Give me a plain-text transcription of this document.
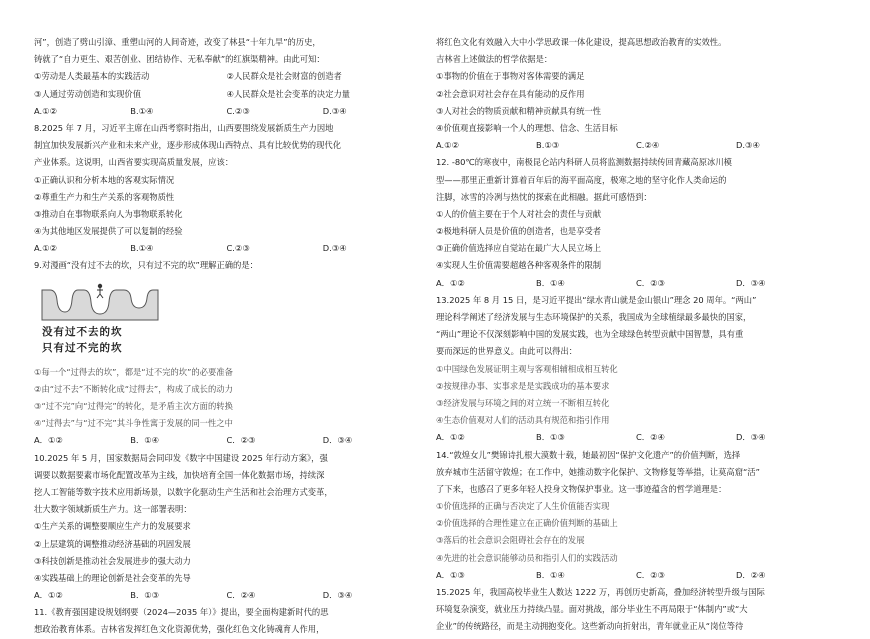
河”，创造了劈山引漳、重塑山河的人间奇迹，改变了林县“十年九旱”的历史，
铸就了“自力更生、艰苦创业、团结协作、无私奉献”的红旗渠精神。由此可知：
①劳动是人类最基本的实践活动	②人民群众是社会财富的创造者
③人通过劳动创造和实现价值	④人民群众是社会变革的决定力量
A.①②	B.①④	C.②③	D.③④
8.2025 年 7 月，习近平主席在山西考察时指出，山西要围绕发展新质生产力因地
制宜加快发展新兴产业和未来产业，逐步形成体现山西特点、具有比较优势的现代化
产业体系。这说明，山西省要实现高质量发展，应该：
①正确认识和分析本地的客观实际情况
②尊重生产力和生产关系的客观物质性
③推动自在事物联系向人为事物联系转化
④为其他地区发展提供了可以复制的经验
A.①②	B.①④	C.②③	D.③④
9.对漫画“没有过不去的坎，只有过不完的坎”理解正确的是：
没有过不去的坎
只有过不完的坎
①每一个“过得去的坎”，都是“过不完的坎”的必要准备
②由“过不去”不断转化成“过得去”，构成了成长的动力
③“过不完”向“过得完”的转化，是矛盾主次方面的转换
④“过得去”与“过不完”其斗争性寓于发展的同一性之中
A．①②	B．①④	C．②③	D．③④
10.2025 年 5 月，国家数据局会同印发《数字中国建设 2025 年行动方案》，强
调要以数据要素市场化配置改革为主线，加快培育全国一体化数据市场，持续深
挖人工智能等数字技术应用新场景，以数字化驱动生产生活和社会治理方式变革，
壮大数字领域新质生产力。这一部署表明：
①生产关系的调整要顺应生产力的发展要求
②上层建筑的调整推动经济基础的巩固发展
③科技创新是推动社会发展进步的强大动力
④实践基础上的理论创新是社会变革的先导
A．①②	B．①③	C．②④	D．③④
11.《教育强国建设规划纲要（2024—2035 年）》提出，要全面构建新时代的思
想政治教育体系。吉林省发挥红色文化资源优势，强化红色文化铸魂育人作用，
将红色文化有效融入大中小学思政课一体化建设，提高思想政治教育的实效性。
吉林省上述做法的哲学依据是：
①事物的价值在于事物对客体需要的满足
②社会意识对社会存在具有能动的反作用
③人对社会的物质贡献和精神贡献具有统一性
④价值观直接影响一个人的理想、信念、生活目标
A.①②	B.①③	C.②④	D.③④
12. -80℃的寒夜中，南极昆仑站内科研人员将监测数据持续传回青藏高原冰川模
型——那里正重新计算着百年后的海平面高度，极寒之地的坚守化作人类命运的
注脚，冰雪的冷冽与热忱的探索在此相融。据此可感悟到：
①人的价值主要在于个人对社会的责任与贡献
②极地科研人员是价值的创造者，也是享受者
③正确价值选择应自觉站在最广大人民立场上
④实现人生价值需要超越各种客观条件的限制
A．①②	B．①④	C．②③	D．③④
13.2025 年 8 月 15 日，是习近平提出“绿水青山就是金山银山”理念 20 周年。“两山”
理论科学阐述了经济发展与生态环境保护的关系，我国成为全球植绿最多最快的国家，
“两山”理论不仅深刻影响中国的发展实践，也为全球绿色转型贡献中国智慧，具有重
要而深远的世界意义。由此可以得出：
①中国绿色发展证明主观与客观相辅相成相互转化
②按规律办事、实事求是是实践成功的基本要求
③经济发展与环境之间的对立统一不断相互转化
④生态价值观对人们的活动具有规范和指引作用
A．①②	B．①③	C．②④	D．③④
14.“敦煌女儿”樊锦诗扎根大漠数十载，她最初因“保护文化遗产”的价值判断，选择
放弃城市生活留守敦煌；在工作中，她推动数字化保护、文物修复等举措，让莫高窟“活”
了下来，也感召了更多年轻人投身文物保护事业。这一事迹蕴含的哲学道理是：
①价值选择的正确与否决定了人生价值能否实现
②价值选择的合理性建立在正确价值判断的基础上
③落后的社会意识会阻碍社会存在的发展
④先进的社会意识能够动员和指引人们的实践活动
A．①③	B．①④	C．②③	D．②④
15.2025 年，我国高校毕业生人数达 1222 万，再创历史新高，叠加经济转型升级与国际
环境复杂演变，就业压力持续凸显。面对挑战，部分毕业生不再局限于“体制内”或“大
企业”的传统路径，而是主动拥抱变化。这些新动向折射出，青年就业正从“岗位等待
